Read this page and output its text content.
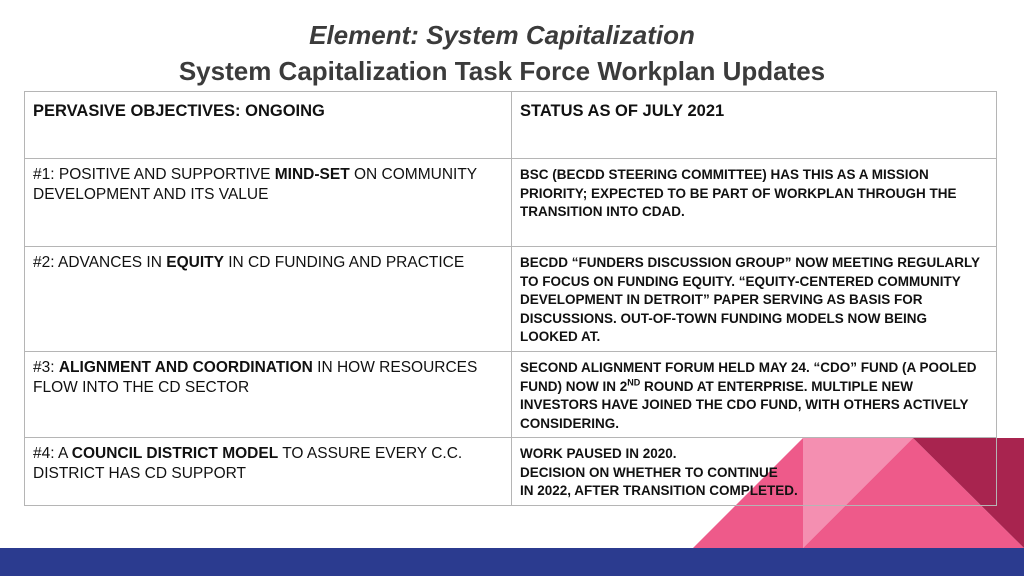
Element: System Capitalization
System Capitalization Task Force Workplan Updates
PERVASIVE OBJECTIVES: ONGOING	STATUS AS OF JULY 2021
#1: POSITIVE AND SUPPORTIVE MIND-SET ON COMMUNITY DEVELOPMENT AND ITS VALUE	BSC (BECDD STEERING COMMITTEE) HAS THIS AS A MISSION PRIORITY; EXPECTED TO BE PART OF WORKPLAN THROUGH THE TRANSITION INTO CDAD.
#2: ADVANCES IN EQUITY IN CD FUNDING AND PRACTICE	BECDD “FUNDERS DISCUSSION GROUP” NOW MEETING REGULARLY TO FOCUS ON FUNDING EQUITY. “EQUITY-CENTERED COMMUNITY DEVELOPMENT IN DETROIT” PAPER SERVING AS BASIS FOR DISCUSSIONS. OUT-OF-TOWN FUNDING MODELS NOW BEING LOOKED AT.
#3: ALIGNMENT AND COORDINATION IN HOW RESOURCES FLOW INTO THE CD SECTOR	SECOND ALIGNMENT FORUM HELD MAY 24. “CDO” FUND (A POOLED FUND) NOW IN 2ND ROUND AT ENTERPRISE. MULTIPLE NEW INVESTORS HAVE JOINED THE CDO FUND, WITH OTHERS ACTIVELY CONSIDERING.
#4: A COUNCIL DISTRICT MODEL TO ASSURE EVERY C.C. DISTRICT HAS CD SUPPORT	WORK PAUSED IN 2020.
DECISION ON WHETHER TO CONTINUE
IN 2022, AFTER TRANSITION COMPLETED.
